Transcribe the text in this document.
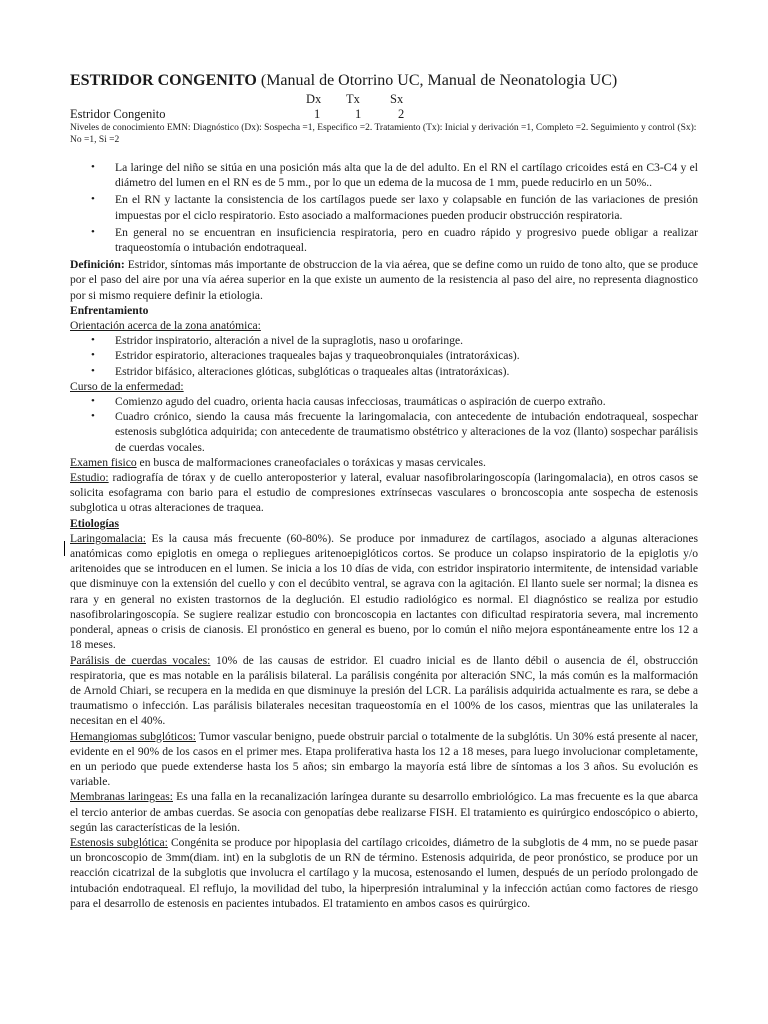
ESTRIDOR CONGENITO (Manual de Otorrino UC, Manual de Neonatologia UC)
Dx Tx Sx
Estridor Congenito	1	1	2
Niveles de conocimiento EMN: Diagnóstico (Dx): Sospecha =1, Especifico =2. Tratamiento (Tx): Inicial y derivación =1, Completo =2. Seguimiento y control (Sx): No =1, Si =2
• La laringe del niño se sitúa en una posición más alta que la de del adulto. En el RN el cartílago cricoides está en C3-C4 y el diámetro del lumen en el RN es de 5 mm., por lo que un edema de la mucosa de 1 mm, puede reducirlo en un 50%..
• En el RN y lactante la consistencia de los cartílagos puede ser laxo y colapsable en función de las variaciones de presión impuestas por el ciclo respiratorio. Esto asociado a malformaciones pueden producir obstrucción respiratoria.
• En general no se encuentran en insuficiencia respiratoria, pero en cuadro rápido y progresivo puede obligar a realizar traqueostomía o intubación endotraqueal.

Definición: Estridor, síntomas más importante de obstruccion de la via aérea, que se define como un ruido de tono alto, que se produce por el paso del aire por una vía aérea superior en la que existe un aumento de la resistencia al paso del aire, no representa diagnostico por si mismo requiere definir la etiologia.

Enfrentamiento

Orientación acerca de la zona anatómica:

• Estridor inspiratorio, alteración a nivel de la supraglotis, naso u orofaringe.
• Estridor espiratorio, alteraciones traqueales bajas y traqueobronquiales (intratoráxicas).
• Estridor bifásico, alteraciones glóticas, subglóticas o traqueales altas (intratoráxicas).

Curso de la enfermedad:

• Comienzo agudo del cuadro, orienta hacia causas infecciosas, traumáticas o aspiración de cuerpo extraño.
• Cuadro crónico, siendo la causa más frecuente la laringomalacia, con antecedente de intubación endotraqueal, sospechar estenosis subglótica adquirida; con antecedente de traumatismo obstétrico y alteraciones de la voz (llanto) sospechar parálisis de cuerdas vocales.

Examen fisico en busca de malformaciones craneofaciales o toráxicas y masas cervicales.

Estudio: radiografía de tórax y de cuello anteroposterior y lateral, evaluar nasofibrolaringoscopía (laringomalacia), en otros casos se solicita esofagrama con bario para el estudio de compresiones extrínsecas vasculares o broncoscopia ante sospecha de estenosis subglotica u otras alteraciones de traquea.

Etiologías

Laringomalacia: Es la causa más frecuente (60-80%). Se produce por inmadurez de cartílagos, asociado a algunas alteraciones anatómicas como epiglotis en omega o repliegues aritenoepiglóticos cortos. Se produce un colapso inspiratorio de la epiglotis y/o aritenoides que se introducen en el lumen. Se inicia a los 10 días de vida, con estridor inspiratorio intermitente, de intensidad variable que disminuye con la extensión del cuello y con el decúbito ventral, se agrava con la agitación. El llanto suele ser normal; la disnea es rara y en general no existen trastornos de la deglución. El estudio radiológico es normal. El diagnóstico se realiza por estudio nasofibrolaringoscopía. Se sugiere realizar estudio con broncoscopia en lactantes con dificultad respiratoria severa, mal incremento ponderal, apneas o crisis de cianosis. El pronóstico en general es bueno, por lo común el niño mejora espontáneamente entre los 12 a 18 meses.

Parálisis de cuerdas vocales: 10% de las causas de estridor. El cuadro inicial es de llanto débil o ausencia de él, obstrucción respiratoria, que es mas notable en la parálisis bilateral. La parálisis congénita por alteración SNC, la más común es la malformación de Arnold Chiari, se recupera en la medida en que disminuye la presión del LCR. La parálisis adquirida actualmente es rara, se debe a traumatismo o infección. Las parálisis bilaterales necesitan traqueostomía en el 100% de los casos, mientras que las unilaterales la necesitan en el 40%.

Hemangiomas subglóticos: Tumor vascular benigno, puede obstruir parcial o totalmente de la subglótis. Un 30% está presente al nacer, evidente en el 90% de los casos en el primer mes. Etapa proliferativa hasta los 12 a 18 meses, para luego involucionar completamente, en un periodo que puede extenderse hasta los 5 años; sin embargo la mayoría está libre de síntomas a los 3 años. Su evolución es variable.

Membranas laringeas: Es una falla en la recanalización laríngea durante su desarrollo embriológico. La mas frecuente es la que abarca el tercio anterior de ambas cuerdas. Se asocia con genopatías debe realizarse FISH. El tratamiento es quirúrgico endoscópico o abierto, según las características de la lesión.

Estenosis subglótica: Congénita se produce por hipoplasia del cartílago cricoides, diámetro de la subglotis de 4 mm, no se puede pasar un broncoscopio de 3mm(diam. int) en la subglotis de un RN de término. Estenosis adquirida, de peor pronóstico, se produce por un reacción cicatrizal de la subglotis que involucra el cartílago y la mucosa, estenosando el lumen, después de un período prolongado de intubación endotraqueal. El reflujo, la movilidad del tubo, la hiperpresión intraluminal y la infección actúan como factores de riesgo para el desarrollo de estenosis en pacientes intubados. El tratamiento en ambos casos es quirúrgico.
